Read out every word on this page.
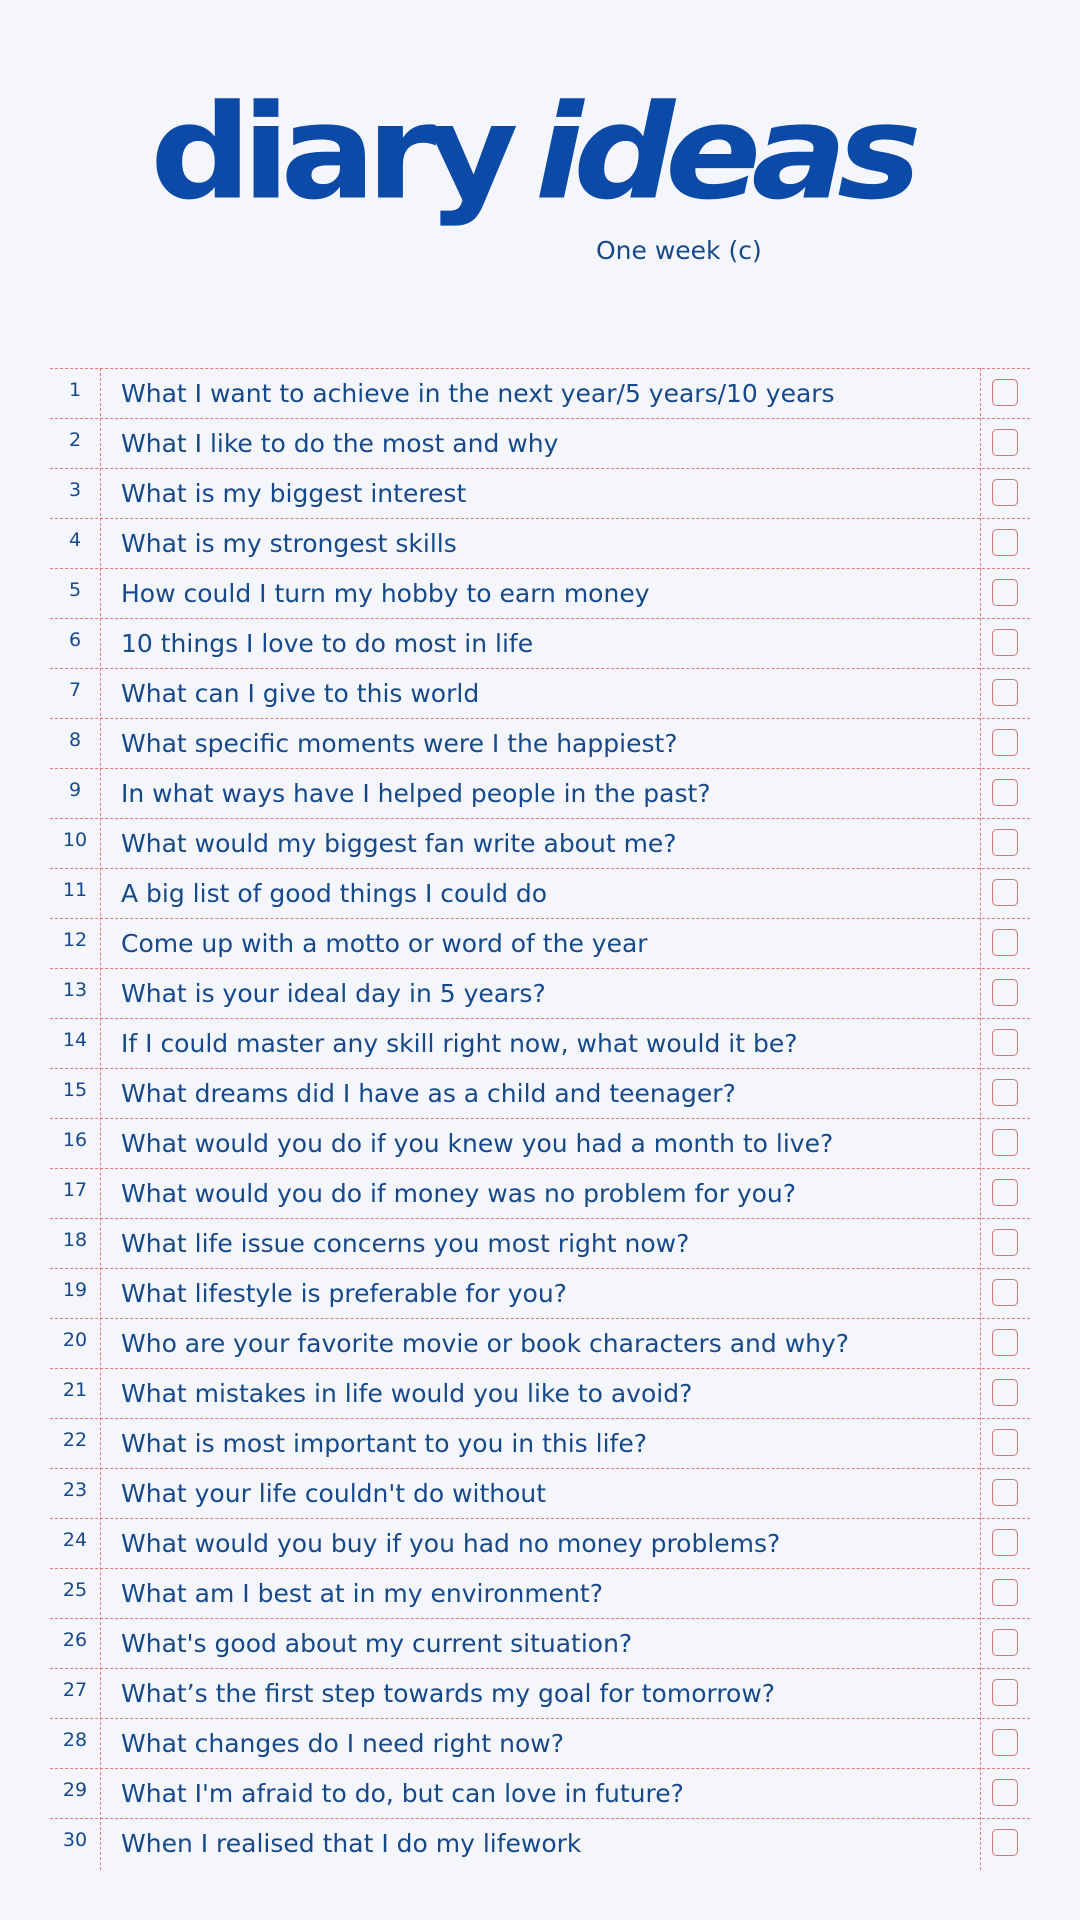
diary ideas
One week (c)
1	What I want to achieve in the next year/5 years/10 years
2	What I like to do the most and why
3	What is my biggest interest
4	What is my strongest skills
5	How could I turn my hobby to earn money
6	10 things I love to do most in life
7	What can I give to this world
8	What specific moments were I the happiest?
9	In what ways have I helped people in the past?
10	What would my biggest fan write about me?
11	A big list of good things I could do
12	Come up with a motto or word of the year
13	What is your ideal day in 5 years?
14	If I could master any skill right now, what would it be?
15	What dreams did I have as a child and teenager?
16	What would you do if you knew you had a month to live?
17	What would you do if money was no problem for you?
18	What life issue concerns you most right now?
19	What lifestyle is preferable for you?
20	Who are your favorite movie or book characters and why?
21	What mistakes in life would you like to avoid?
22	What is most important to you in this life?
23	What your life couldn't do without
24	What would you buy if you had no money problems?
25	What am I best at in my environment?
26	What's good about my current situation?
27	What’s the first step towards my goal for tomorrow?
28	What changes do I need right now?
29	What I'm afraid to do, but can love in future?
30	When I realised that I do my lifework
